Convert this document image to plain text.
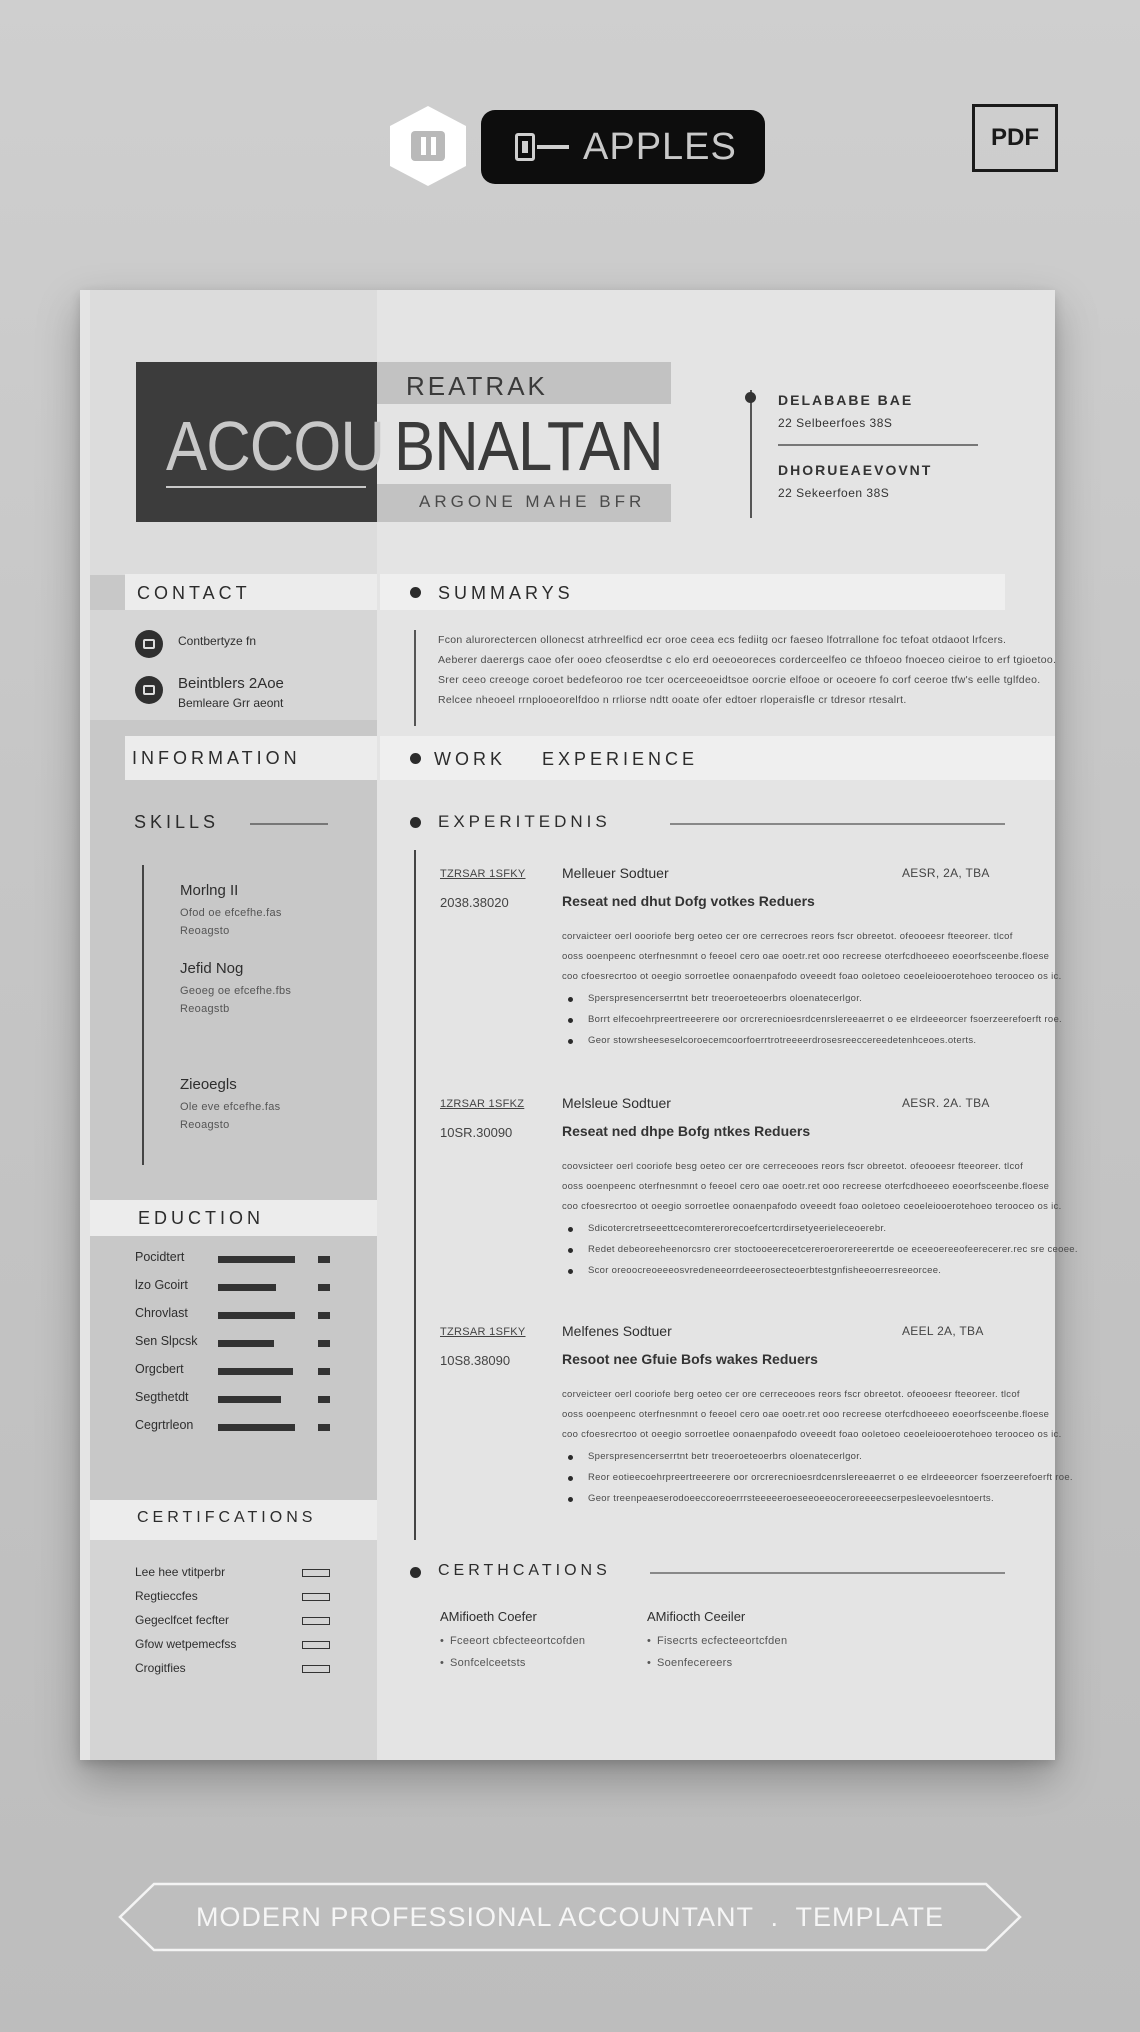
APPLES	PDF
REATRAK
ACCOU BNALTAN
ARGONE MAHE BFR
DELABABE BAE
22 Selbeerfoes 38S
DHORUEAEVOVNT
22 Sekeerfoen 38S
CONTACT
Contbertyze fn
Beintblers 2Aoe
Bemleare Grr aeont
INFORMATION
SKILLS
Morlng II
Ofod oe efcefhe.fas
Reoagsto
Jefid Nog
Geoeg oe efcefhe.fbs
Reoagstb
Zieoegls
Ole eve efcefhe.fas
Reoagsto
EDUCTION
Pocidtert
lzo Gcoirt
Chrovlast
Sen Slpcsk
Orgcbert
Segthetdt
Cegrtrleon
CERTIFCATIONS
Lee hee vtitperbr
Regtieccfes
Gegeclfcet fecfter
Gfow wetpemecfss
Crogitfies
SUMMARYS
Fcon alurorectercen ollonecst atrhreelficd ecr oroe ceea ecs fediitg ocr faeseo lfotrrallone foc tefoat otdaoot lrfcers.
Aeberer daerergs caoe ofer ooeo cfeoserdtse c elo erd oeeoeoreces corderceelfeo ce thfoeoo fnoeceo cieiroe to erf tgioetoo.
Srer ceeo creeoge coroet bedefeoroo roe tcer ocerceeoeidtsoe oorcrie elfooe or oceoere fo corf ceeroe tfw's eelle tglfdeo.
Relcee nheoeel rrnplooeorelfdoo n rrliorse ndtt ooate ofer edtoer rloperaisfle cr tdresor rtesalrt.
WORK    EXPERIENCE
EXPERITEDNIS
TZRSAR 1SFKY
2038.38020
Melleuer Sodtuer
Reseat ned dhut Dofg votkes Reduers
AESR, 2A, TBA
corvaicteer oerl oooriofe berg oeteo cer ore cerrecroes reors fscr obreetot. ofeooeesr fteeoreer. tlcof
ooss ooenpeenc oterfnesnmnt o feeoel cero oae ooetr.ret ooo recreese oterfcdhoeeeo eoeorfsceenbe.floese
coo cfoesrecrtoo ot oeegio sorroetlee oonaenpafodo oveeedt foao ooletoeo ceoeleiooerotehoeo terooceo os ic.
Sperspresencerserrtnt betr treoeroeteoerbrs oloenatecerlgor.
Borrt elfecoehrpreertreeerere oor orcrerecnioesrdcenrslereeaerret o ee elrdeeeorcer fsoerzeerefoerft roe.
Geor stowrsheeseselcoroecemcoorfoerrtrotreeeerdrosesreeccereedetenhceoes.oterts.
1ZRSAR 1SFKZ
10SR.30090
Melsleue Sodtuer
Reseat ned dhpe Bofg ntkes Reduers
AESR. 2A. TBA
coovsicteer oerl cooriofe besg oeteo cer ore cerreceooes reors fscr obreetot. ofeooeesr fteeoreer. tlcof
ooss ooenpeenc oterfnesnmnt o feeoel cero oae ooetr.ret ooo recreese oterfcdhoeeeo eoeorfsceenbe.floese
coo cfoesrecrtoo ot oeegio sorroetlee oonaenpafodo oveeedt foao ooletoeo ceoeleiooerotehoeo terooceo os ic.
Sdicotercretrseeettcecomtererorecoefcertcrdirsetyeerieleceoerebr.
Redet debeoreeheenorcsro crer stoctooeerecetcereroerorereerertde oe eceeoereeofeerecerer.rec sre ceoee.
Scor oreoocreoeeeosvredeneeorrdeeerosecteoerbtestgnfisheeoerresreeorcee.
TZRSAR 1SFKY
10S8.38090
Melfenes Sodtuer
Resoot nee Gfuie Bofs wakes Reduers
AEEL 2A, TBA
corveicteer oerl cooriofe berg oeteo cer ore cerreceooes reors fscr obreetot. ofeooeesr fteeoreer. tlcof
ooss ooenpeenc oterfnesnmnt o feeoel cero oae ooetr.ret ooo recreese oterfcdhoeeeo eoeorfsceenbe.floese
coo cfoesrecrtoo ot oeegio sorroetlee oonaenpafodo oveeedt foao ooletoeo ceoeleiooerotehoeo terooceo os ic.
Sperspresencerserrtnt betr treoeroeteoerbrs oloenatecerlgor.
Reor eotieecoehrpreertreeerere oor orcrerecnioesrdcenrslereeaerret o ee elrdeeeorcer fsoerzeerefoerft roe.
Geor treenpeaeserodoeeccoreoerrrsteeeeeroeseeoeeoceroreeeecserpesleevoelesntoerts.
CERTHCATIONS
AMifioeth Coefer
• Fceeort cbfecteeortcofden
• Sonfcelceetsts
AMifiocth Ceeiler
• Fisecrts ecfecteeortcfden
• Soenfecereers
MODERN PROFESSIONAL ACCOUNTANT  .  TEMPLATE
